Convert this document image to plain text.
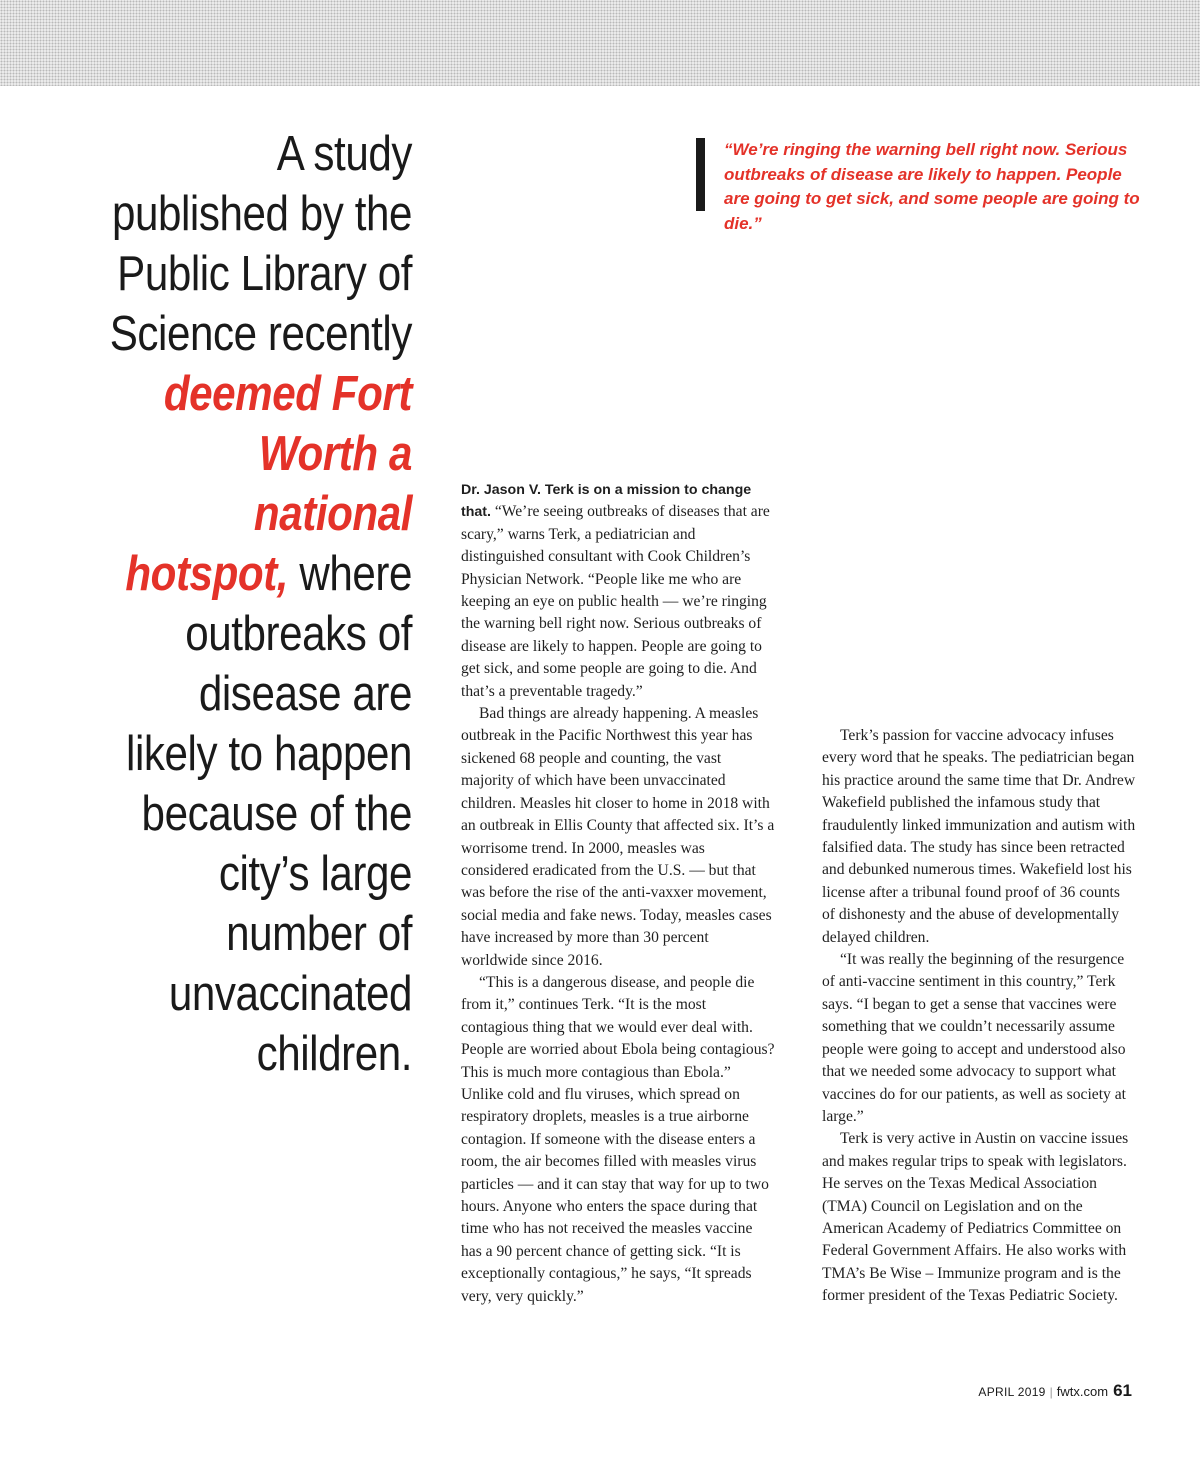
A study published by the Public Library of Science recently deemed Fort Worth a national hotspot, where outbreaks of disease are likely to happen because of the city’s large number of unvaccinated children.
“We’re ringing the warning bell right now. Serious outbreaks of disease are likely to happen. People are going to get sick, and some people are going to die.”

Dr. Jason V. Terk is on a mission to change that. “We’re seeing outbreaks of diseases that are scary,” warns Terk, a pediatrician and distinguished consultant with Cook Children’s Physician Network. “People like me who are keeping an eye on public health — we’re ringing the warning bell right now. Serious outbreaks of disease are likely to happen. People are going to get sick, and some people are going to die. And that’s a preventable tragedy.”

Bad things are already happening. A measles outbreak in the Pacific Northwest this year has sickened 68 people and counting, the vast majority of which have been unvaccinated children. Measles hit closer to home in 2018 with an outbreak in Ellis County that affected six. It’s a worrisome trend. In 2000, measles was considered eradicated from the U.S. — but that was before the rise of the anti-vaxxer movement, social media and fake news. Today, measles cases have increased by more than 30 percent worldwide since 2016.

“This is a dangerous disease, and people die from it,” continues Terk. “It is the most contagious thing that we would ever deal with. People are worried about Ebola being contagious? This is much more contagious than Ebola.” Unlike cold and flu viruses, which spread on respiratory droplets, measles is a true airborne contagion. If someone with the disease enters a room, the air becomes filled with measles virus particles — and it can stay that way for up to two hours. Anyone who enters the space during that time who has not received the measles vaccine has a 90 percent chance of getting sick. “It is exceptionally contagious,” he says, “It spreads very, very quickly.”

Terk’s passion for vaccine advocacy infuses every word that he speaks. The pediatrician began his practice around the same time that Dr. Andrew Wakefield published the infamous study that fraudulently linked immunization and autism with falsified data. The study has since been retracted and debunked numerous times. Wakefield lost his license after a tribunal found proof of 36 counts of dishonesty and the abuse of developmentally delayed children.

“It was really the beginning of the resurgence of anti-vaccine sentiment in this country,” Terk says. “I began to get a sense that vaccines were something that we couldn’t necessarily assume people were going to accept and understood also that we needed some advocacy to support what vaccines do for our patients, as well as society at large.”

Terk is very active in Austin on vaccine issues and makes regular trips to speak with legislators. He serves on the Texas Medical Association (TMA) Council on Legislation and on the American Academy of Pediatrics Committee on Federal Government Affairs. He also works with TMA’s Be Wise – Immunize program and is the former president of the Texas Pediatric Society.

APRIL 2019 | fwtx.com 61
